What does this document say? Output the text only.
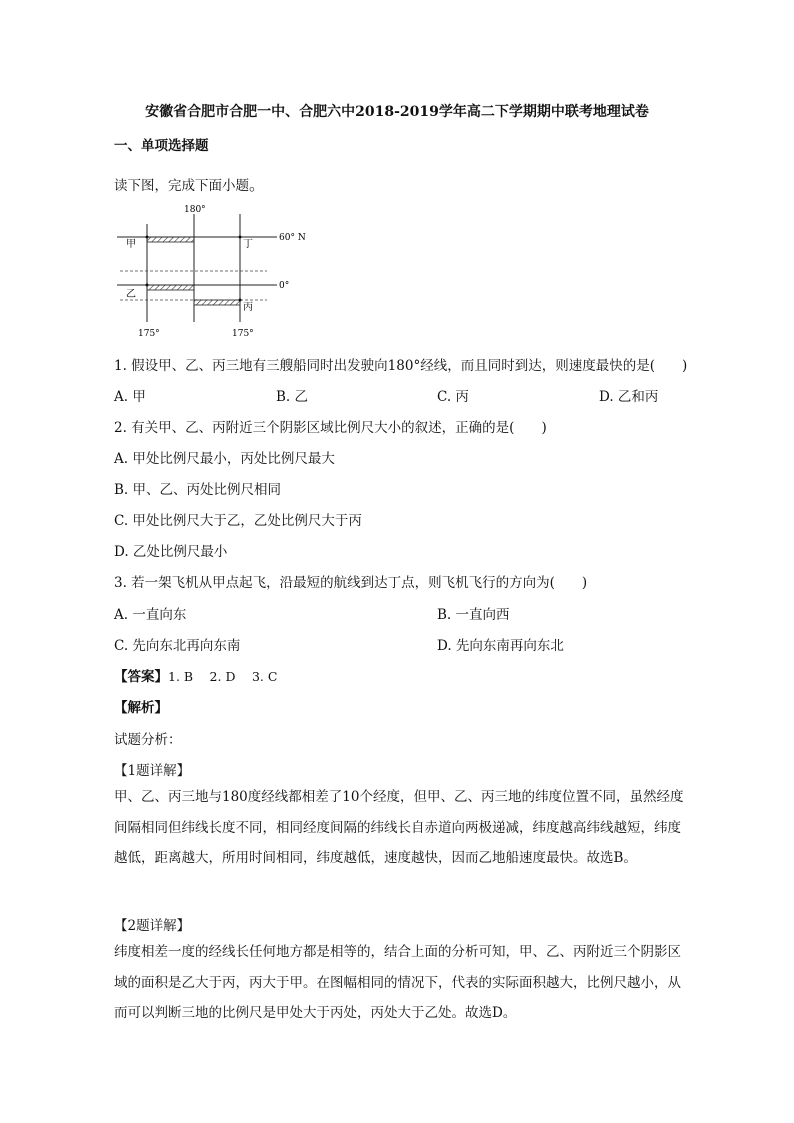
安徽省合肥市合肥一中、合肥六中2018-2019学年高二下学期期中联考地理试卷
一、单项选择题
读下图，完成下面小题。
180°
60° N
0°
甲
乙
丁
丙
175°	175°
1. 假设甲、乙、丙三地有三艘船同时出发驶向180°经线，而且同时到达，则速度最快的是(　　)
A. 甲	B. 乙	C. 丙	D. 乙和丙
2. 有关甲、乙、丙附近三个阴影区域比例尺大小的叙述，正确的是(　　)
A. 甲处比例尺最小，丙处比例尺最大
B. 甲、乙、丙处比例尺相同
C. 甲处比例尺大于乙，乙处比例尺大于丙
D. 乙处比例尺最小
3. 若一架飞机从甲点起飞，沿最短的航线到达丁点，则飞机飞行的方向为(　　)
A. 一直向东	B. 一直向西
C. 先向东北再向东南	D. 先向东南再向东北
【答案】1. B　 2. D　 3. C
【解析】
试题分析：
【1题详解】
甲、乙、丙三地与180度经线都相差了10个经度，但甲、乙、丙三地的纬度位置不同，虽然经度间隔相同但纬线长度不同，相同经度间隔的纬线长自赤道向两极递减，纬度越高纬线越短，纬度越低，距离越大，所用时间相同，纬度越低，速度越快，因而乙地船速度最快。故选B。
【2题详解】
纬度相差一度的经线长任何地方都是相等的，结合上面的分析可知，甲、乙、丙附近三个阴影区域的面积是乙大于丙，丙大于甲。在图幅相同的情况下，代表的实际面积越大，比例尺越小，从而可以判断三地的比例尺是甲处大于丙处，丙处大于乙处。故选D。
